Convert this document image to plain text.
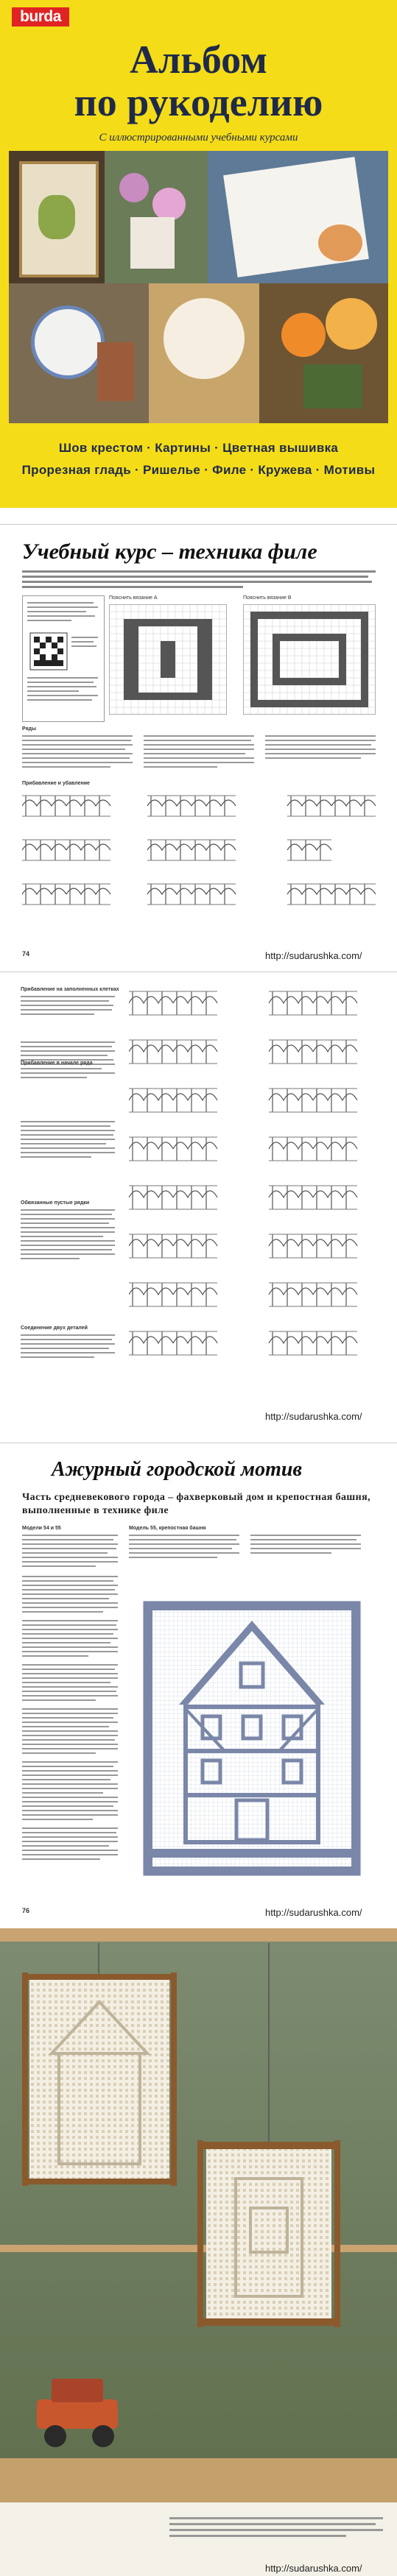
burda
Альбом
по рукоделию
С иллюстрированными учебными курсами
Шов крестом · Картины · Цветная вышивка
Прорезная гладь · Ришелье · Филе · Кружева · Мотивы
Учебный курс – техника филе
Пояснить вязание А	Пояснить вязание В
Ряды
Прибавление и убавление
74	http://sudarushka.com/
Прибавление на заполненных клетках
Прибавление в начале ряда
Обвязанные пустые рядки
Соединение двух деталей
http://sudarushka.com/
Ажурный городской мотив
Часть средневекового города – фахверковый дом и крепостная башня, выполненные в технике филе
Модели 54 и 55	Модель 55, крепостная башня
76	http://sudarushka.com/
http://sudarushka.com/
